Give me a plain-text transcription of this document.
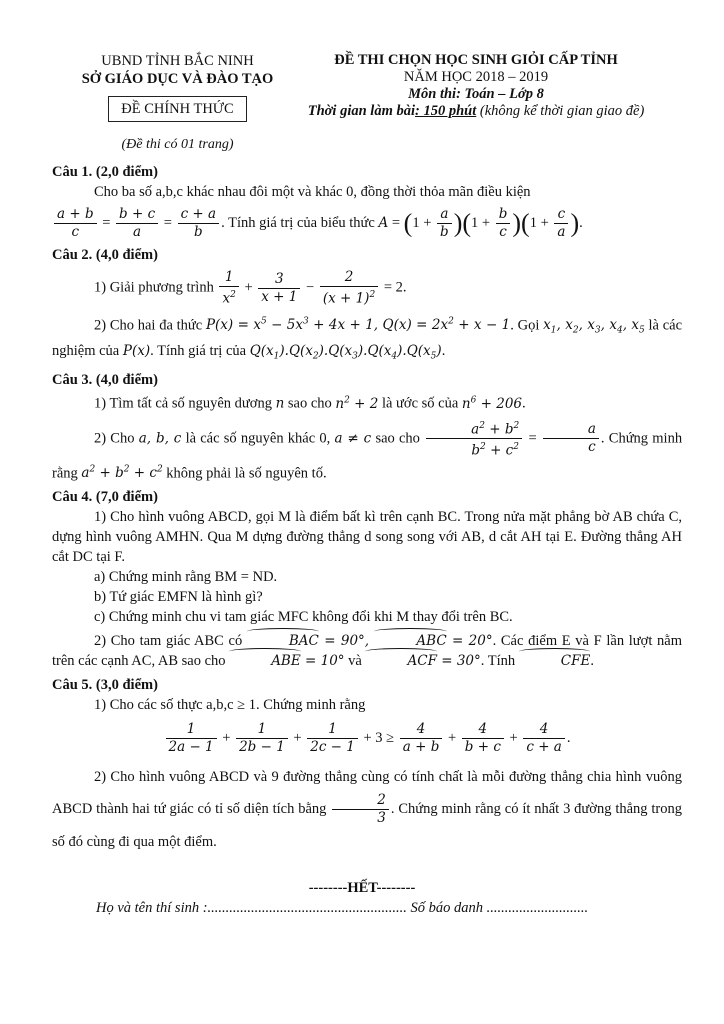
UBND TỈNH BẮC NINH
SỞ GIÁO DỤC VÀ ĐÀO TẠO
ĐỀ CHÍNH THỨC
(Đề thi có 01 trang)
ĐỀ THI CHỌN HỌC SINH GIỎI CẤP TỈNH
NĂM HỌC 2018 – 2019
Môn thi: Toán – Lớp 8
Thời gian làm bài: 150 phút (không kể thời gian giao đề)
Câu 1. (2,0 điểm)
Cho ba số a,b,c khác nhau đôi một và khác 0, đồng thời thỏa mãn điều kiện
$\frac{a + b}{c} = \frac{b + c}{a} = \frac{c + a}{b}$ . Tính giá trị của biểu thức $A = (1 + \frac{a}{b} )(1 + \frac{b}{c} )(1 + \frac{c}{a}$ ).
Câu 2. (4,0 điểm)
1) Giải phương trình $\frac{1}{x^2} + \frac{3}{x + 1} - \frac{2}{(x + 1)^2} = 2$.
2) Cho hai đa thức $P(x) = x^5 - 5x^3 + 4x + 1$, $Q(x) = 2x^2 + x - 1$. Gọi $x_1$, $x_2$, $x_3$, $x_4$, $x_5$ là các nghiệm của P(x). Tính giá trị của $Q(x_1).Q(x_2).Q(x_3).Q(x_4).Q(x_5)$.
Câu 3. (4,0 điểm)
1) Tìm tất cả số nguyên dương n sao cho $n^2 + 2$ là ước số của $n^6 + 206$.
2) Cho a, b, c là các số nguyên khác 0, a ≠ c sao cho $\frac{a^2 + b^2}{b^2 + c^2} = \frac{a}{c}$ . Chứng minh rằng $a^2 + b^2 + c^2$ không phải là số nguyên tố.
Câu 4. (7,0 điểm)
1) Cho hình vuông ABCD, gọi M là điểm bất kì trên cạnh BC. Trong nửa mặt phẳng bờ AB chứa C, dựng hình vuông AMHN. Qua M dựng đường thẳng d song song với AB, d cắt AH tại E. Đường thẳng AH cắt DC tại F.
a) Chứng minh rằng BM = ND.
b) Tứ giác EMFN là hình gì?
c) Chứng minh chu vi tam giác MFC không đổi khi M thay đổi trên BC.
2) Cho tam giác ABC có	BAC = 90°,	ABC = 20°. Các điểm E và F lần lượt nằm trên các cạnh AC, AB sao cho	ABE = 10° và	ACF = 30°. Tính	CFE.
Câu 5. (3,0 điểm)
1) Cho các số thực a,b,c ≥ 1. Chứng minh rằng
$\frac{1}{2a - 1} + \frac{1}{2b - 1} + \frac{1}{2c - 1} + 3 \ge \frac{4}{a + b} + \frac{4}{b + c} + \frac{4}{c + a}$ .
2) Cho hình vuông ABCD và 9 đường thẳng cùng có tính chất là mỗi đường thẳng chia hình vuông ABCD thành hai tứ giác có tỉ số diện tích bằng $\frac{2}{3}$ . Chứng minh rằng có ít nhất 3 đường thẳng trong số đó cùng đi qua một điểm.
--------HẾT--------
Họ và tên thí sinh :....................................................... Số báo danh ............................
